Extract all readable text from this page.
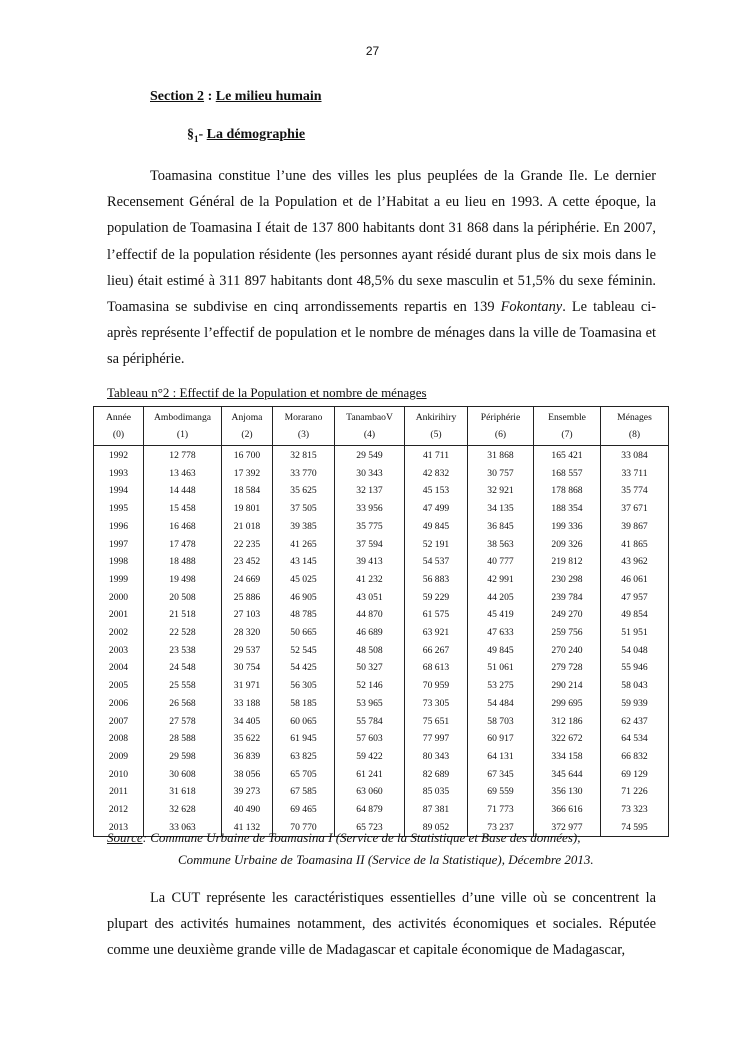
27
Section 2 : Le milieu humain
$\S_1-$ La démographie

Toamasina constitue l’une des villes les plus peuplées de la Grande Ile. Le dernier Recensement Général de la Population et de l’Habitat a eu lieu en 1993. A cette époque, la population de Toamasina I était de 137 800 habitants dont 31 868 dans la périphérie. En 2007, l’effectif de la population résidente (les personnes ayant résidé durant plus de six mois dans le lieu) était estimé à 311 897 habitants dont 48,5% du sexe masculin et 51,5% du sexe féminin. Toamasina se subdivise en cinq arrondissements repartis en 139 Fokontany. Le tableau ci-après représente l’effectif de population et le nombre de ménages dans la ville de Toamasina et sa périphérie.

Tableau n°2 : Effectif de la Population et nombre de ménages
Année	Ambodimanga	Anjoma	Morarano	TanambaoV	Ankirihiry	Périphérie	Ensemble	Ménages
(0)	(1)	(2)	(3)	(4)	(5)	(6)	(7)	(8)
1992	12 778	16 700	32 815	29 549	41 711	31 868	165 421	33 084
1993	13 463	17 392	33 770	30 343	42 832	30 757	168 557	33 711
1994	14 448	18 584	35 625	32 137	45 153	32 921	178 868	35 774
1995	15 458	19 801	37 505	33 956	47 499	34 135	188 354	37 671
1996	16 468	21 018	39 385	35 775	49 845	36 845	199 336	39 867
1997	17 478	22 235	41 265	37 594	52 191	38 563	209 326	41 865
1998	18 488	23 452	43 145	39 413	54 537	40 777	219 812	43 962
1999	19 498	24 669	45 025	41 232	56 883	42 991	230 298	46 061
2000	20 508	25 886	46 905	43 051	59 229	44 205	239 784	47 957
2001	21 518	27 103	48 785	44 870	61 575	45 419	249 270	49 854
2002	22 528	28 320	50 665	46 689	63 921	47 633	259 756	51 951
2003	23 538	29 537	52 545	48 508	66 267	49 845	270 240	54 048
2004	24 548	30 754	54 425	50 327	68 613	51 061	279 728	55 946
2005	25 558	31 971	56 305	52 146	70 959	53 275	290 214	58 043
2006	26 568	33 188	58 185	53 965	73 305	54 484	299 695	59 939
2007	27 578	34 405	60 065	55 784	75 651	58 703	312 186	62 437
2008	28 588	35 622	61 945	57 603	77 997	60 917	322 672	64 534
2009	29 598	36 839	63 825	59 422	80 343	64 131	334 158	66 832
2010	30 608	38 056	65 705	61 241	82 689	67 345	345 644	69 129
2011	31 618	39 273	67 585	63 060	85 035	69 559	356 130	71 226
2012	32 628	40 490	69 465	64 879	87 381	71 773	366 616	73 323
2013	33 063	41 132	70 770	65 723	89 052	73 237	372 977	74 595
Source: Commune Urbaine de Toamasina I (Service de la Statistique et Base des données),
Commune Urbaine de Toamasina II (Service de la Statistique), Décembre 2013.

La CUT représente les caractéristiques essentielles d’une ville où se concentrent la plupart des activités humaines notamment, des activités économiques et sociales. Réputée comme une deuxième grande ville de Madagascar et capitale économique de Madagascar,
